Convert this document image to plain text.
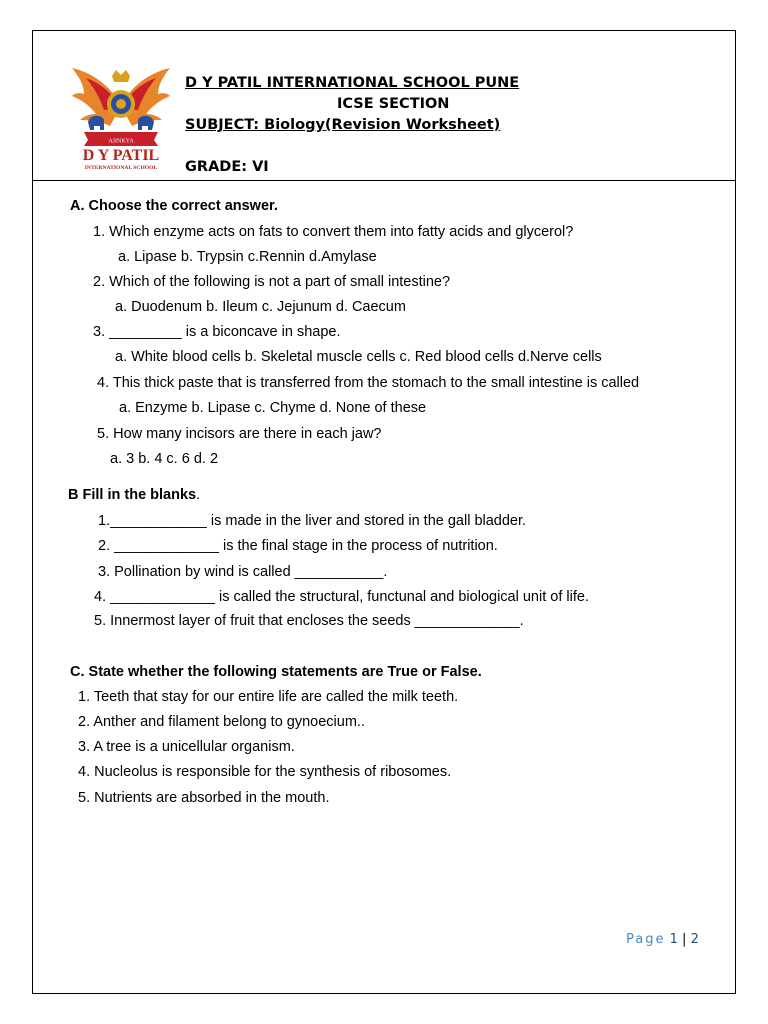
AJINKYA
D Y PATIL
INTERNATIONAL SCHOOL
D Y PATIL INTERNATIONAL SCHOOL PUNE
ICSE SECTION
SUBJECT: Biology(Revision Worksheet)
GRADE: VI
A. Choose the correct answer.
1. Which enzyme acts on fats to convert them into fatty acids and glycerol?
a. Lipase b. Trypsin c.Rennin d.Amylase
2. Which of the following is not a part of small intestine?
a. Duodenum b. Ileum c. Jejunum d. Caecum
3. _________ is a biconcave in shape.
a. White blood cells b. Skeletal muscle cells c. Red blood cells d.Nerve cells
4. This thick paste that is transferred from the stomach to the small intestine is called
a. Enzyme b. Lipase c. Chyme d. None of these
5. How many incisors are there in each jaw?
a. 3 b. 4 c. 6 d. 2
B Fill in the blanks.
1.____________ is made in the liver and stored in the gall bladder.
2. _____________ is the final stage in the process of nutrition.
3. Pollination by wind is called ___________.
4. _____________ is called the structural, functunal and biological unit of life.
5. Innermost layer of fruit that encloses the seeds _____________.
C. State whether the following statements are True or False.
1. Teeth that stay for our entire life are called the milk teeth.
2. Anther and filament belong to gynoecium..
3. A tree is a unicellular organism.
4. Nucleolus is responsible for the synthesis of ribosomes.
5. Nutrients are absorbed in the mouth.
Page 1 | 2
